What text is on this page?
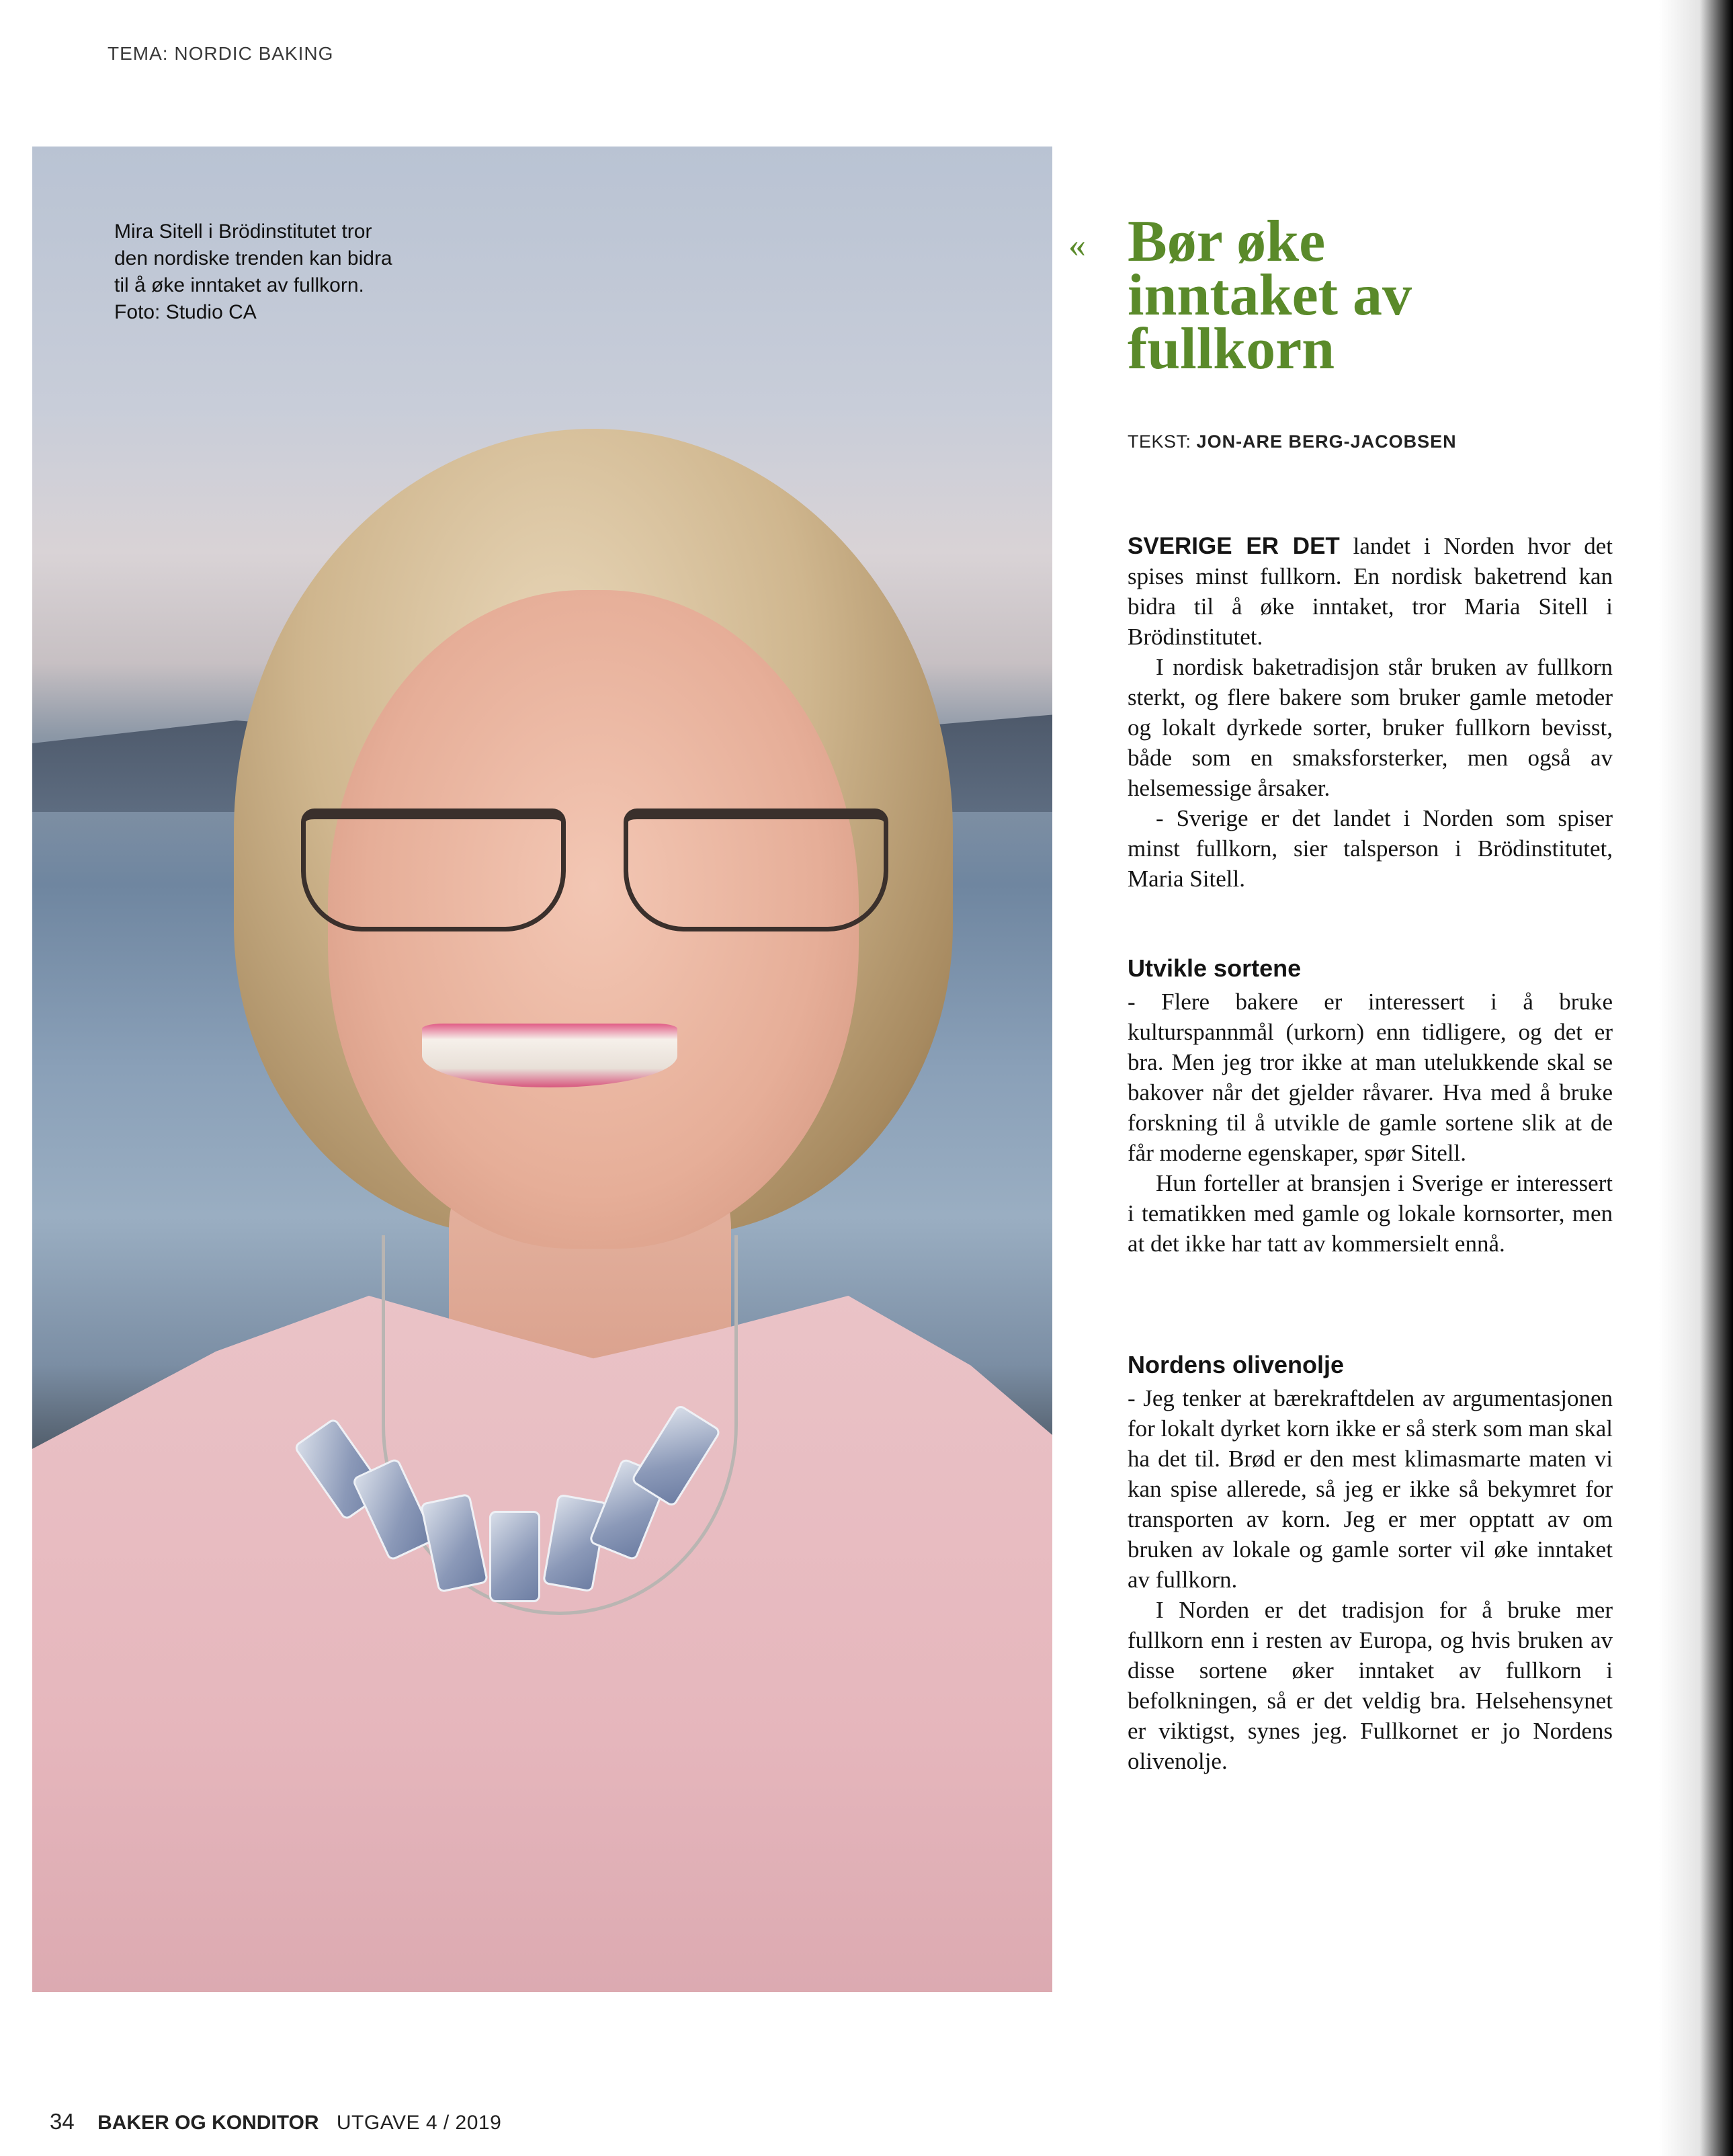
TEMA: NORDIC BAKING
Mira Sitell i Brödinstitutet tror
den nordiske trenden kan bidra
til å øke inntaket av fullkorn.
Foto: Studio CA
« Bør øke
inntaket av
fullkorn
TEKST: JON-ARE BERG-JACOBSEN

SVERIGE ER DET landet i Norden hvor det spises minst fullkorn. En nordisk baketrend kan bidra til å øke inntaket, tror Maria Sitell i Brödinstitutet.

I nordisk baketradisjon står bruken av fullkorn sterkt, og flere bakere som bruker gamle metoder og lokalt dyrkede sorter, bruker fullkorn bevisst, både som en smaksforsterker, men også av helsemessige årsaker.

- Sverige er det landet i Norden som spiser minst fullkorn, sier talsperson i Brödinstitutet, Maria Sitell.

Utvikle sortene

- Flere bakere er interessert i å bruke kulturspannmål (urkorn) enn tidligere, og det er bra. Men jeg tror ikke at man utelukkende skal se bakover når det gjelder råvarer. Hva med å bruke forskning til å utvikle de gamle sortene slik at de får moderne egenskaper, spør Sitell.

Hun forteller at bransjen i Sverige er interessert i tematikken med gamle og lokale kornsorter, men at det ikke har tatt av kommersielt ennå.

Nordens olivenolje

- Jeg tenker at bærekraftdelen av argumentasjonen for lokalt dyrket korn ikke er så sterk som man skal ha det til. Brød er den mest klimasmarte maten vi kan spise allerede, så jeg er ikke så bekymret for transporten av korn. Jeg er mer opptatt av om bruken av lokale og gamle sorter vil øke inntaket av fullkorn.

I Norden er det tradisjon for å bruke mer fullkorn enn i resten av Europa, og hvis bruken av disse sortene øker inntaket av fullkorn i befolkningen, så er det veldig bra. Helsehensynet er viktigst, synes jeg. Fullkornet er jo Nordens olivenolje.

34 BAKER OG KONDITOR UTGAVE 4 / 2019
